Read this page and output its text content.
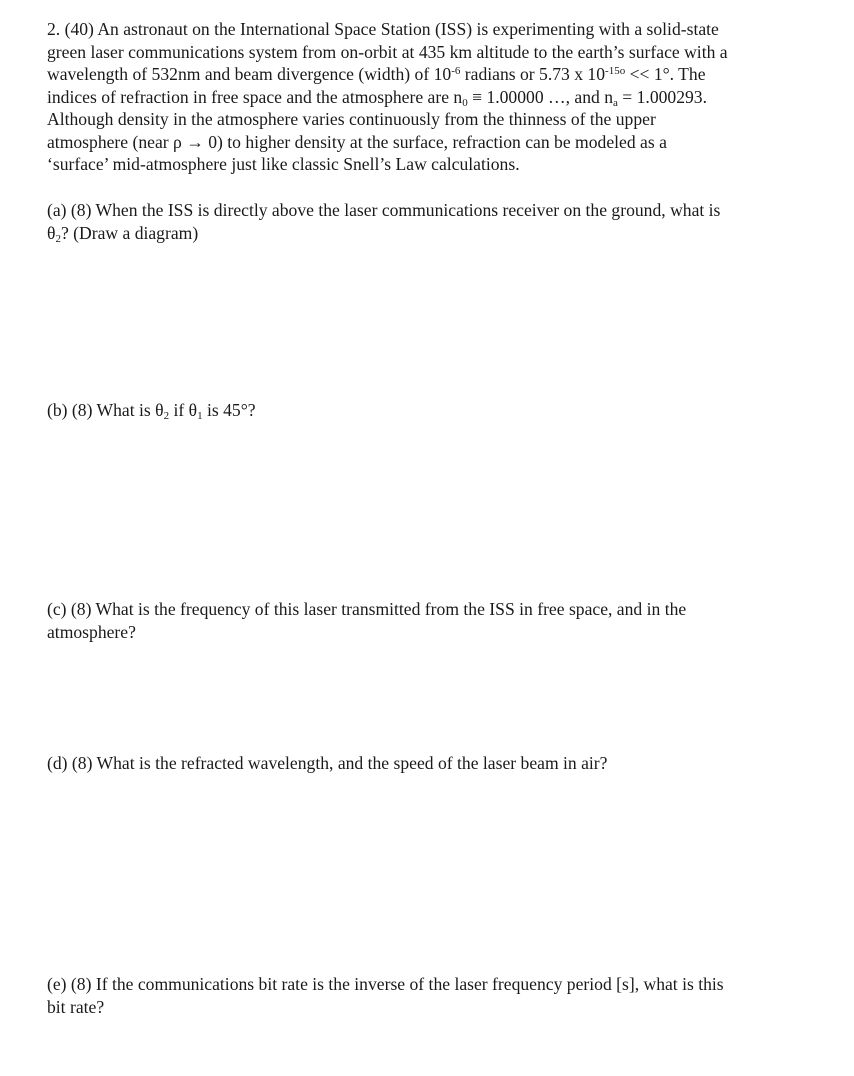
2. (40) An astronaut on the International Space Station (ISS) is experimenting with a solid-state
green laser communications system from on-orbit at 435 km altitude to the earth’s surface with a
wavelength of 532nm and beam divergence (width) of $10^{-6}$ radians or 5.73 x $10^{-15o} << 1^\circ$. The
indices of refraction in free space and the atmosphere are $n_0 \equiv 1.00000$ …, and $n_a = 1.000293$.
Although density in the atmosphere varies continuously from the thinness of the upper
atmosphere (near ρ → 0) to higher density at the surface, refraction can be modeled as a
‘surface’ mid-atmosphere just like classic Snell’s Law calculations.
(a) (8) When the ISS is directly above the laser communications receiver on the ground, what is
$\theta_2$? (Draw a diagram)
(b) (8) What is $\theta_2$ if $\theta_1$ is 45°?
(c) (8) What is the frequency of this laser transmitted from the ISS in free space, and in the
atmosphere?
(d) (8) What is the refracted wavelength, and the speed of the laser beam in air?
(e) (8) If the communications bit rate is the inverse of the laser frequency period [s], what is this
bit rate?
